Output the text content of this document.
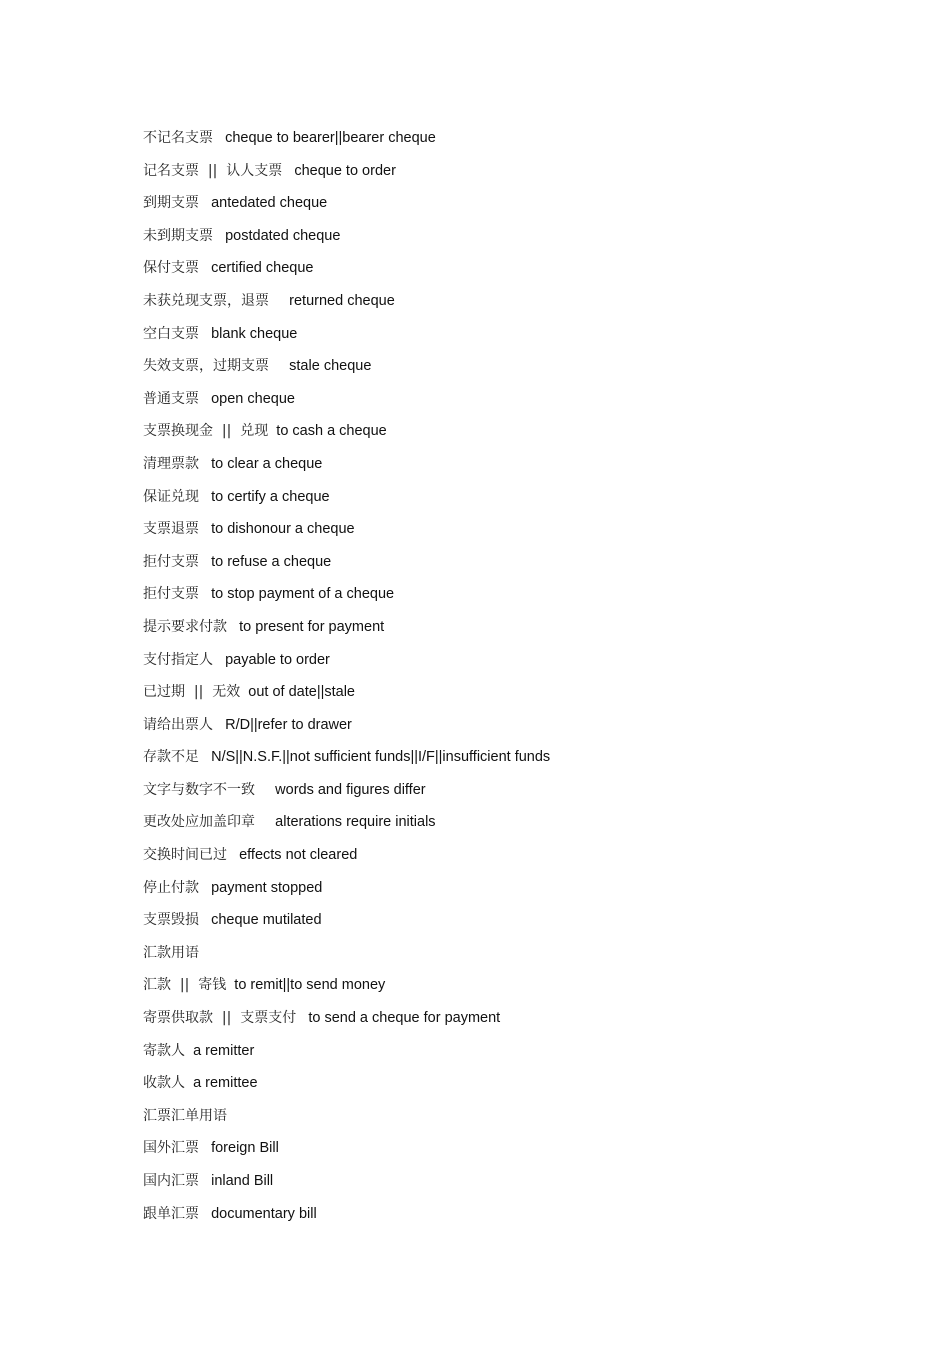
不记名支票 cheque to bearer||bearer cheque
记名支票  ||  认人支票 cheque to order
到期支票 antedated cheque
未到期支票 postdated cheque
保付支票 certified cheque
未获兑现支票，退票 returned cheque
空白支票 blank cheque
失效支票，过期支票 stale cheque
普通支票 open cheque
支票换现金  ||  兑现 to cash a cheque
清理票款 to clear a cheque
保证兑现 to certify a cheque
支票退票 to dishonour a cheque
拒付支票 to refuse a cheque
拒付支票 to stop payment of a cheque
提示要求付款 to present for payment
支付指定人 payable to order
已过期  ||  无效 out of date||stale
请给出票人 R/D||refer to drawer
存款不足 N/S||N.S.F.||not sufficient funds||I/F||insufficient funds
文字与数字不一致 words and figures differ
更改处应加盖印章 alterations require initials
交换时间已过 effects not cleared
停止付款 payment stopped
支票毁损 cheque mutilated
汇款用语
汇款  ||  寄钱 to remit||to send money
寄票供取款  ||  支票支付 to send a cheque for payment
寄款人 a remitter
收款人 a remittee
汇票汇单用语
国外汇票 foreign Bill
国内汇票 inland Bill
跟单汇票 documentary bill
